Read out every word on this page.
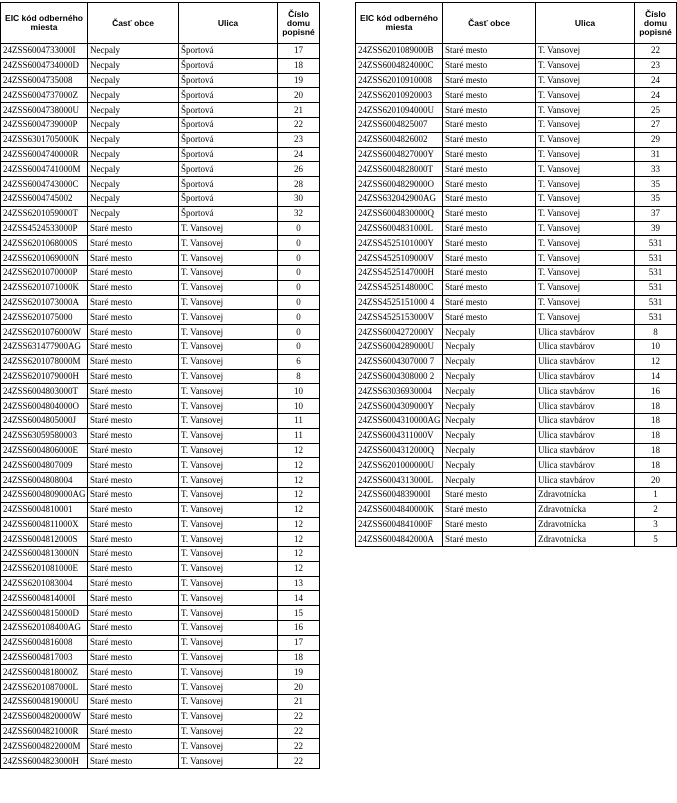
EIC kód odberného miesta	Časť obce	Ulica	Číslo domu popisné
24ZSS6004733000I	Necpaly	Športová	17
24ZSS6004734000D	Necpaly	Športová	18
24ZSS6004735008	Necpaly	Športová	19
24ZSS6004737000Z	Necpaly	Športová	20
24ZSS6004738000U	Necpaly	Športová	21
24ZSS6004739000P	Necpaly	Športová	22
24ZSS6301705000K	Necpaly	Športová	23
24ZSS6004740000R	Necpaly	Športová	24
24ZSS6004741000M	Necpaly	Športová	26
24ZSS6004743000C	Necpaly	Športová	28
24ZSS6004745002	Necpaly	Športová	30
24ZSS6201059000T	Necpaly	Športová	32
24ZSS4524533000P	Staré mesto	T. Vansovej	0
24ZSS6201068000S	Staré mesto	T. Vansovej	0
24ZSS6201069000N	Staré mesto	T. Vansovej	0
24ZSS6201070000P	Staré mesto	T. Vansovej	0
24ZSS6201071000K	Staré mesto	T. Vansovej	0
24ZSS6201073000A	Staré mesto	T. Vansovej	0
24ZSS6201075000	Staré mesto	T. Vansovej	0
24ZSS6201076000W	Staré mesto	T. Vansovej	0
24ZSS631477900AG	Staré mesto	T. Vansovej	0
24ZSS6201078000M	Staré mesto	T. Vansovej	6
24ZSS6201079000H	Staré mesto	T. Vansovej	8
24ZSS6004803000T	Staré mesto	T. Vansovej	10
24ZSS6004804000O	Staré mesto	T. Vansovej	10
24ZSS6004805000J	Staré mesto	T. Vansovej	11
24ZSS63059580003	Staré mesto	T. Vansovej	11
24ZSS6004806000E	Staré mesto	T. Vansovej	12
24ZSS6004807009	Staré mesto	T. Vansovej	12
24ZSS6004808004	Staré mesto	T. Vansovej	12
24ZSS6004809000AG	Staré mesto	T. Vansovej	12
24ZSS6004810001	Staré mesto	T. Vansovej	12
24ZSS6004811000X	Staré mesto	T. Vansovej	12
24ZSS6004812000S	Staré mesto	T. Vansovej	12
24ZSS6004813000N	Staré mesto	T. Vansovej	12
24ZSS6201081000E	Staré mesto	T. Vansovej	12
24ZSS6201083004	Staré mesto	T. Vansovej	13
24ZSS6004814000I	Staré mesto	T. Vansovej	14
24ZSS6004815000D	Staré mesto	T. Vansovej	15
24ZSS620108400AG	Staré mesto	T. Vansovej	16
24ZSS6004816008	Staré mesto	T. Vansovej	17
24ZSS6004817003	Staré mesto	T. Vansovej	18
24ZSS6004818000Z	Staré mesto	T. Vansovej	19
24ZSS6201087000L	Staré mesto	T. Vansovej	20
24ZSS6004819000U	Staré mesto	T. Vansovej	21
24ZSS6004820000W	Staré mesto	T. Vansovej	22
24ZSS6004821000R	Staré mesto	T. Vansovej	22
24ZSS6004822000M	Staré mesto	T. Vansovej	22
24ZSS6004823000H	Staré mesto	T. Vansovej	22
EIC kód odberného miesta	Časť obce	Ulica	Číslo domu popisné
24ZSS6201089000B	Staré mesto	T. Vansovej	22
24ZSS6004824000C	Staré mesto	T. Vansovej	23
24ZSS62010910008	Staré mesto	T. Vansovej	24
24ZSS62010920003	Staré mesto	T. Vansovej	24
24ZSS6201094000U	Staré mesto	T. Vansovej	25
24ZSS6004825007	Staré mesto	T. Vansovej	27
24ZSS6004826002	Staré mesto	T. Vansovej	29
24ZSS6004827000Y	Staré mesto	T. Vansovej	31
24ZSS6004828000T	Staré mesto	T. Vansovej	33
24ZSS6004829000O	Staré mesto	T. Vansovej	35
24ZSS632042900AG	Staré mesto	T. Vansovej	35
24ZSS6004830000Q	Staré mesto	T. Vansovej	37
24ZSS6004831000L	Staré mesto	T. Vansovej	39
24ZSS4525101000Y	Staré mesto	T. Vansovej	531
24ZSS4525109000V	Staré mesto	T. Vansovej	531
24ZSS4525147000H	Staré mesto	T. Vansovej	531
24ZSS4525148000C	Staré mesto	T. Vansovej	531
24ZSS4525151000 4	Staré mesto	T. Vansovej	531
24ZSS4525153000V	Staré mesto	T. Vansovej	531
24ZSS6004272000Y	Necpaly	Ulica stavbárov	8
24ZSS6004289000U	Necpaly	Ulica stavbárov	10
24ZSS6004307000 7	Necpaly	Ulica stavbárov	12
24ZSS6004308000 2	Necpaly	Ulica stavbárov	14
24ZSS63036930004	Necpaly	Ulica stavbárov	16
24ZSS6004309000Y	Necpaly	Ulica stavbárov	18
24ZSS6004310000AG	Necpaly	Ulica stavbárov	18
24ZSS6004311000V	Necpaly	Ulica stavbárov	18
24ZSS6004312000Q	Necpaly	Ulica stavbárov	18
24ZSS6201000000U	Necpaly	Ulica stavbárov	18
24ZSS6004313000L	Necpaly	Ulica stavbárov	20
24ZSS6004839000I	Staré mesto	Zdravotnícka	1
24ZSS6004840000K	Staré mesto	Zdravotnícka	2
24ZSS6004841000F	Staré mesto	Zdravotnícka	3
24ZSS6004842000A	Staré mesto	Zdravotnícka	5
